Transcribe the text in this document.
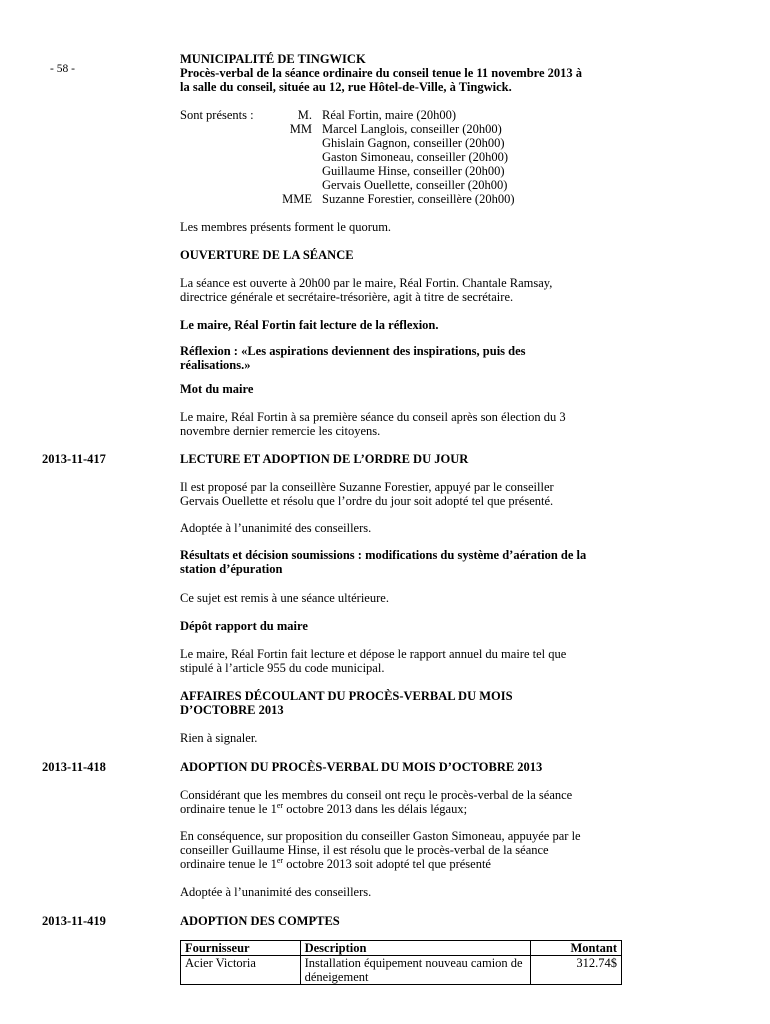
- 58 -
MUNICIPALITÉ DE TINGWICK
Procès-verbal de la séance ordinaire du conseil tenue le 11 novembre 2013 à
la salle du conseil, située au 12, rue Hôtel-de-Ville, à Tingwick.
Sont présents :	M.	Réal Fortin, maire (20h00)
	MM	Marcel Langlois, conseiller (20h00)
		Ghislain Gagnon, conseiller (20h00)
		Gaston Simoneau, conseiller (20h00)
		Guillaume Hinse, conseiller (20h00)
		Gervais Ouellette, conseiller (20h00)
	MME	Suzanne Forestier, conseillère (20h00)
Les membres présents forment le quorum.
OUVERTURE DE LA SÉANCE
La séance est ouverte à 20h00 par le maire, Réal Fortin. Chantale Ramsay,
directrice générale et secrétaire-trésorière, agit à titre de secrétaire.
Le maire, Réal Fortin fait lecture de la réflexion.
Réflexion : «Les aspirations deviennent des inspirations, puis des
réalisations.»
Mot du maire
Le maire, Réal Fortin à sa première séance du conseil après son élection du 3
novembre dernier remercie les citoyens.
2013-11-417	LECTURE ET ADOPTION DE L’ORDRE DU JOUR
Il est proposé par la conseillère Suzanne Forestier, appuyé par le conseiller
Gervais Ouellette et résolu que l’ordre du jour soit adopté tel que présenté.
Adoptée à l’unanimité des conseillers.
Résultats et décision soumissions : modifications du système d’aération de la
station d’épuration
Ce sujet est remis à une séance ultérieure.
Dépôt rapport du maire
Le maire, Réal Fortin fait lecture et dépose le rapport annuel du maire tel que
stipulé à l’article 955 du code municipal.
AFFAIRES DÉCOULANT DU PROCÈS-VERBAL DU MOIS
D’OCTOBRE 2013
Rien à signaler.
2013-11-418	ADOPTION DU PROCÈS-VERBAL DU MOIS D’OCTOBRE 2013
Considérant que les membres du conseil ont reçu le procès-verbal de la séance
ordinaire tenue le 1er octobre 2013 dans les délais légaux;
En conséquence, sur proposition du conseiller Gaston Simoneau, appuyée par le
conseiller Guillaume Hinse, il est résolu que le procès-verbal de la séance
ordinaire tenue le 1er octobre 2013 soit adopté tel que présenté
Adoptée à l’unanimité des conseillers.
2013-11-419	ADOPTION DES COMPTES
Fournisseur	Description	Montant
Acier Victoria	Installation équipement nouveau camion de déneigement	312.74$
